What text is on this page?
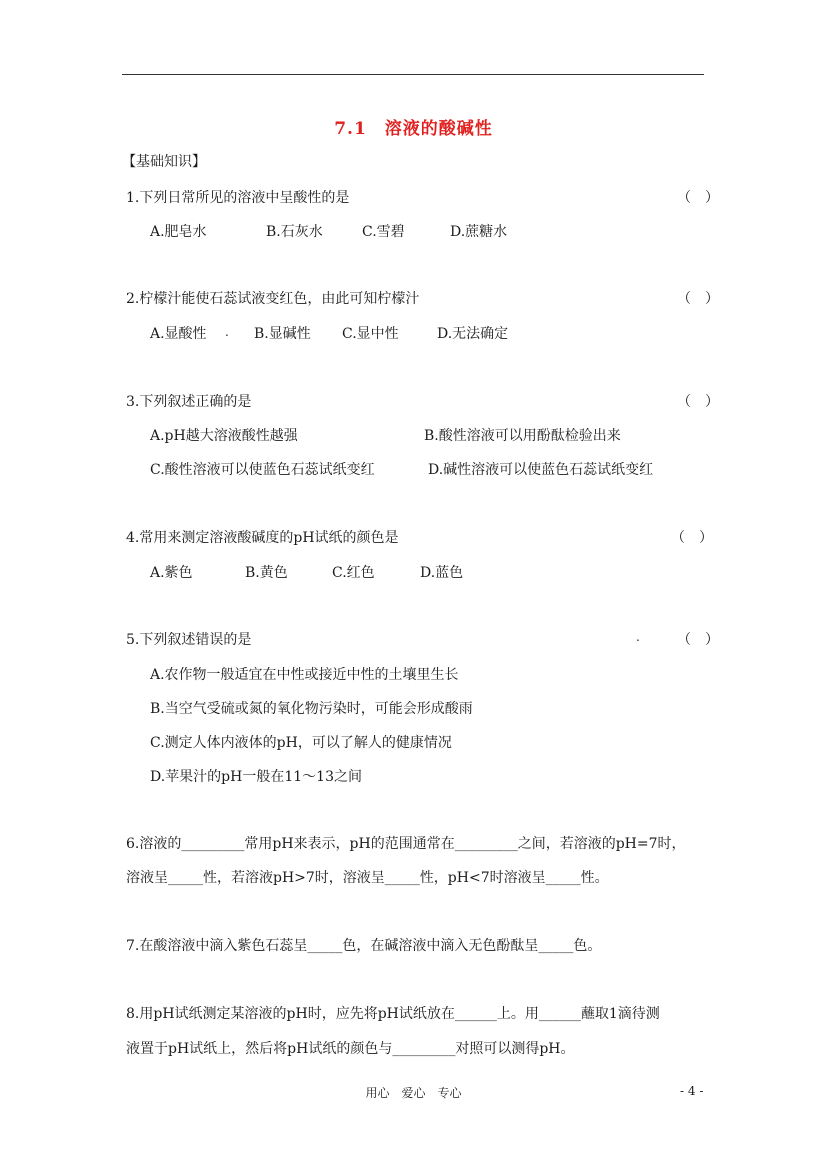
7.1　溶液的酸碱性
【基础知识】
1.下列日常所见的溶液中呈酸性的是	（　）
A.肥皂水	B.石灰水	C.雪碧	D.蔗糖水
2.柠檬汁能使石蕊试液变红色，由此可知柠檬汁	（　）
A.显酸性 . B.显碱性 C.显中性	D.无法确定
3.下列叙述正确的是	（　）
A.pH越大溶液酸性越强	B.酸性溶液可以用酚酞检验出来
C.酸性溶液可以使蓝色石蕊试纸变红	D.碱性溶液可以使蓝色石蕊试纸变红
4.常用来测定溶液酸碱度的pH试纸的颜色是	（　）
A.紫色	B.黄色	C.红色	D.蓝色
5.下列叙述错误的是	.	（　）
A.农作物一般适宜在中性或接近中性的土壤里生长
B.当空气受硫或氮的氧化物污染时，可能会形成酸雨
C.测定人体内液体的pH，可以了解人的健康情况
D.苹果汁的pH一般在11～13之间
6.溶液的_________常用pH来表示，pH的范围通常在_________之间，若溶液的pH=7时，
溶液呈_____性，若溶液pH>7时，溶液呈_____性，pH<7时溶液呈_____性。
7.在酸溶液中滴入紫色石蕊呈_____色，在碱溶液中滴入无色酚酞呈_____色。
8.用pH试纸测定某溶液的pH时，应先将pH试纸放在______上。用______蘸取1滴待测
液置于pH试纸上，然后将pH试纸的颜色与_________对照可以测得pH。
用心　爱心　专心	- 4 -
